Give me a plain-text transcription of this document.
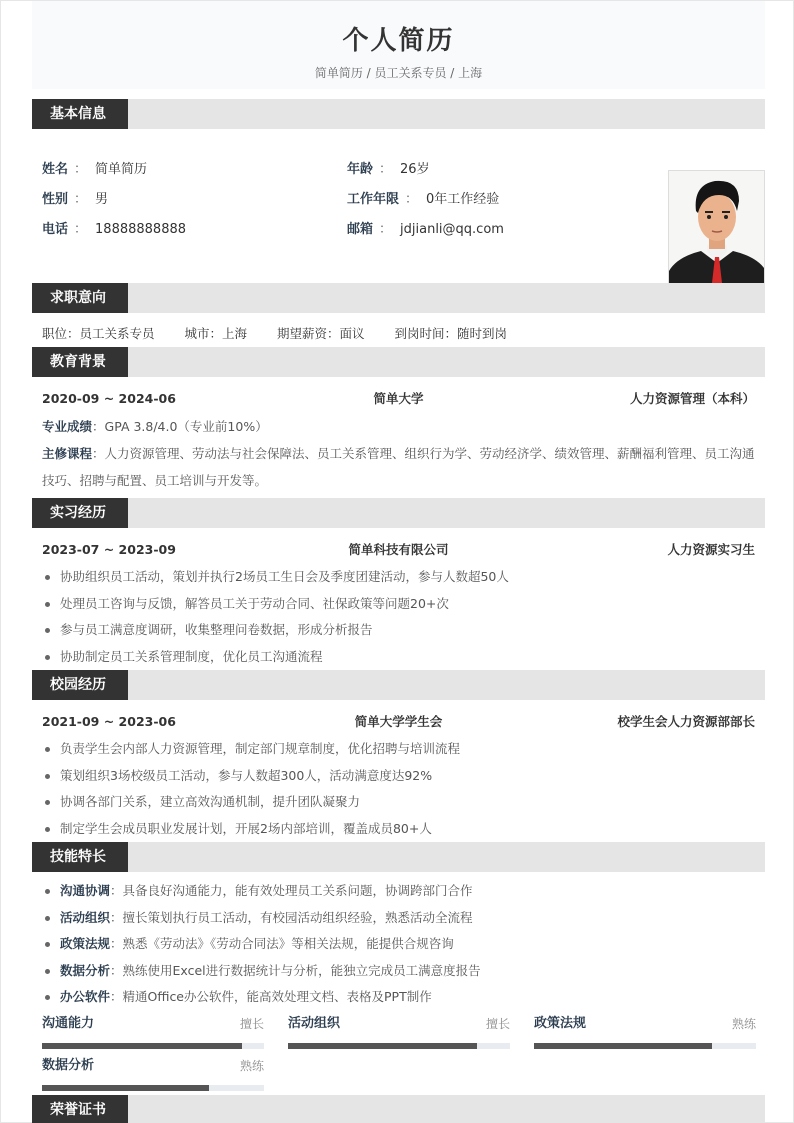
个人简历
简单简历 / 员工关系专员 / 上海
基本信息
姓名 ： 简单简历
性别 ： 男
电话 ： 18888888888
年龄 ： 26岁
工作年限 ： 0年工作经验
邮箱 ： jdjianli@qq.com
求职意向
职位：员工关系专员 城市：上海 期望薪资：面议 到岗时间：随时到岗
教育背景
2020-09 ~ 2024-06	简单大学	人力资源管理（本科）
专业成绩：GPA 3.8/4.0（专业前10%）
主修课程：人力资源管理、劳动法与社会保障法、员工关系管理、组织行为学、劳动经济学、绩效管理、薪酬福利管理、员工沟通技巧、招聘与配置、员工培训与开发等。
实习经历
2023-07 ~ 2023-09	简单科技有限公司	人力资源实习生
协助组织员工活动，策划并执行2场员工生日会及季度团建活动，参与人数超50人
处理员工咨询与反馈，解答员工关于劳动合同、社保政策等问题20+次
参与员工满意度调研，收集整理问卷数据，形成分析报告
协助制定员工关系管理制度，优化员工沟通流程
校园经历
2021-09 ~ 2023-06	简单大学学生会	校学生会人力资源部部长
负责学生会内部人力资源管理，制定部门规章制度，优化招聘与培训流程
策划组织3场校级员工活动，参与人数超300人，活动满意度达92%
协调各部门关系，建立高效沟通机制，提升团队凝聚力
制定学生会成员职业发展计划，开展2场内部培训，覆盖成员80+人
技能特长
沟通协调：具备良好沟通能力，能有效处理员工关系问题，协调跨部门合作
活动组织：擅长策划执行员工活动，有校园活动组织经验，熟悉活动全流程
政策法规：熟悉《劳动法》《劳动合同法》等相关法规，能提供合规咨询
数据分析：熟练使用Excel进行数据统计与分析，能独立完成员工满意度报告
办公软件：精通Office办公软件，能高效处理文档、表格及PPT制作
沟通能力	擅长 活动组织	擅长 政策法规	熟练
数据分析	熟练
荣誉证书
